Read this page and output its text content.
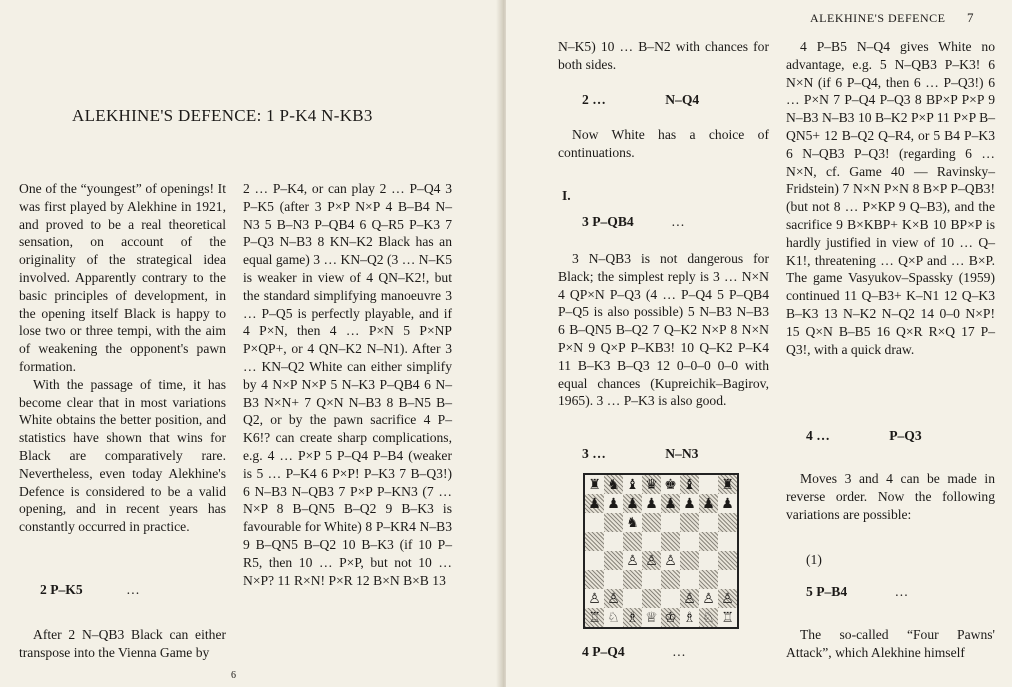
ALEKHINE'S DEFENCE: 1 P-K4 N-KB3

One of the “youngest” of openings! It was first played by Alekhine in 1921, and proved to be a real theoretical sensation, on account of the originality of the strategical idea involved. Apparently contrary to the basic principles of development, in the opening itself Black is happy to lose two or three tempi, with the aim of weakening the opponent's pawn formation.

With the passage of time, it has become clear that in most variations White obtains the better position, and statistics have shown that wins for Black are comparatively rare. Nevertheless, even today Alekhine's Defence is considered to be a valid opening, and in recent years has constantly occurred in practice.

2 P–K5	…
After 2 N–QB3 Black can either transpose into the Vienna Game by
2 … P–K4, or can play 2 … P–Q4 3 P–K5 (after 3 P×P N×P 4 B–B4 N–N3 5 B–N3 P–QB4 6 Q–R5 P–K3 7 P–Q3 N–B3 8 KN–K2 Black has an equal game) 3 … KN–Q2 (3 … N–K5 is weaker in view of 4 QN–K2!, but the standard simplifying manoeuvre 3 … P–Q5 is perfectly playable, and if 4 P×N, then 4 … P×N 5 P×NP P×QP+, or 4 QN–K2 N–N1). After 3 … KN–Q2 White can either simplify by 4 N×P N×P 5 N–K3 P–QB4 6 N–B3 N×N+ 7 Q×N N–B3 8 B–N5 B–Q2, or by the pawn sacrifice 4 P–K6!? can create sharp complications, e.g. 4 … P×P 5 P–Q4 P–B4 (weaker is 5 … P–K4 6 P×P! P–K3 7 B–Q3!) 6 N–B3 N–QB3 7 P×P P–KN3 (7 … N×P 8 B–QN5 B–Q2 9 B–K3 is favourable for White) 8 P–KR4 N–B3 9 B–QN5 B–Q2 10 B–K3 (if 10 P–R5, then 10 … P×P, but not 10 … N×P? 11 R×N! P×R 12 B×N B×B 13
6
ALEKHINE'S DEFENCE 7
N–K5) 10 … B–N2 with chances for both sides.
2 …	N–Q4
Now White has a choice of continuations.
I.
3 P–QB4	…
3 N–QB3 is not dangerous for Black; the simplest reply is 3 … N×N 4 QP×N P–Q3 (4 … P–Q4 5 P–QB4 P–Q5 is also possible) 5 N–B3 N–B3 6 B–QN5 B–Q2 7 Q–K2 N×P 8 N×N P×N 9 Q×P P–KB3! 10 Q–K2 P–K4 11 B–K3 B–Q3 12 0–0–0 0–0 with equal chances (Kupreichik–Bagirov, 1965). 3 … P–K3 is also good.
3 …	N–N3
4 P–Q4	…

4 P–B5 N–Q4 gives White no advantage, e.g. 5 N–QB3 P–K3! 6 N×N (if 6 P–Q4, then 6 … P–Q3!) 6 … P×N 7 P–Q4 P–Q3 8 BP×P P×P 9 N–B3 N–B3 10 B–K2 P×P 11 P×P B–QN5+ 12 B–Q2 Q–R4, or 5 B4 P–K3 6 N–QB3 P–Q3! (regarding 6 … N×N, cf. Game 40 — Ravinsky–Fridstein) 7 N×N P×N 8 B×P P–QB3! (but not 8 … P×KP 9 Q–B3), and the sacrifice 9 B×KBP+ K×B 10 BP×P is hardly justified in view of 10 … Q–K1!, threatening … Q×P and … B×P. The game Vasyukov–Spassky (1959) continued 11 Q–B3+ K–N1 12 Q–K3 B–K3 13 N–K2 N–Q2 14 0–0 N×P! 15 Q×N B–B5 16 Q×R R×Q 17 P–Q3!, with a quick draw.

4 …	P–Q3
Moves 3 and 4 can be made in reverse order. Now the following variations are possible:
(1)
5 P–B4	…
The so-called “Four Pawns' Attack”, which Alekhine himself
♜ ♞ ♝ ♛ ♚ ♝ ♜
♟ ♟ ♟ ♟ ♟ ♟ ♟ ♟
♞
♙ ♙ ♙
♙ ♙	♙ ♙ ♙
♖ ♘ ♗ ♕ ♔ ♗ ♘ ♖
